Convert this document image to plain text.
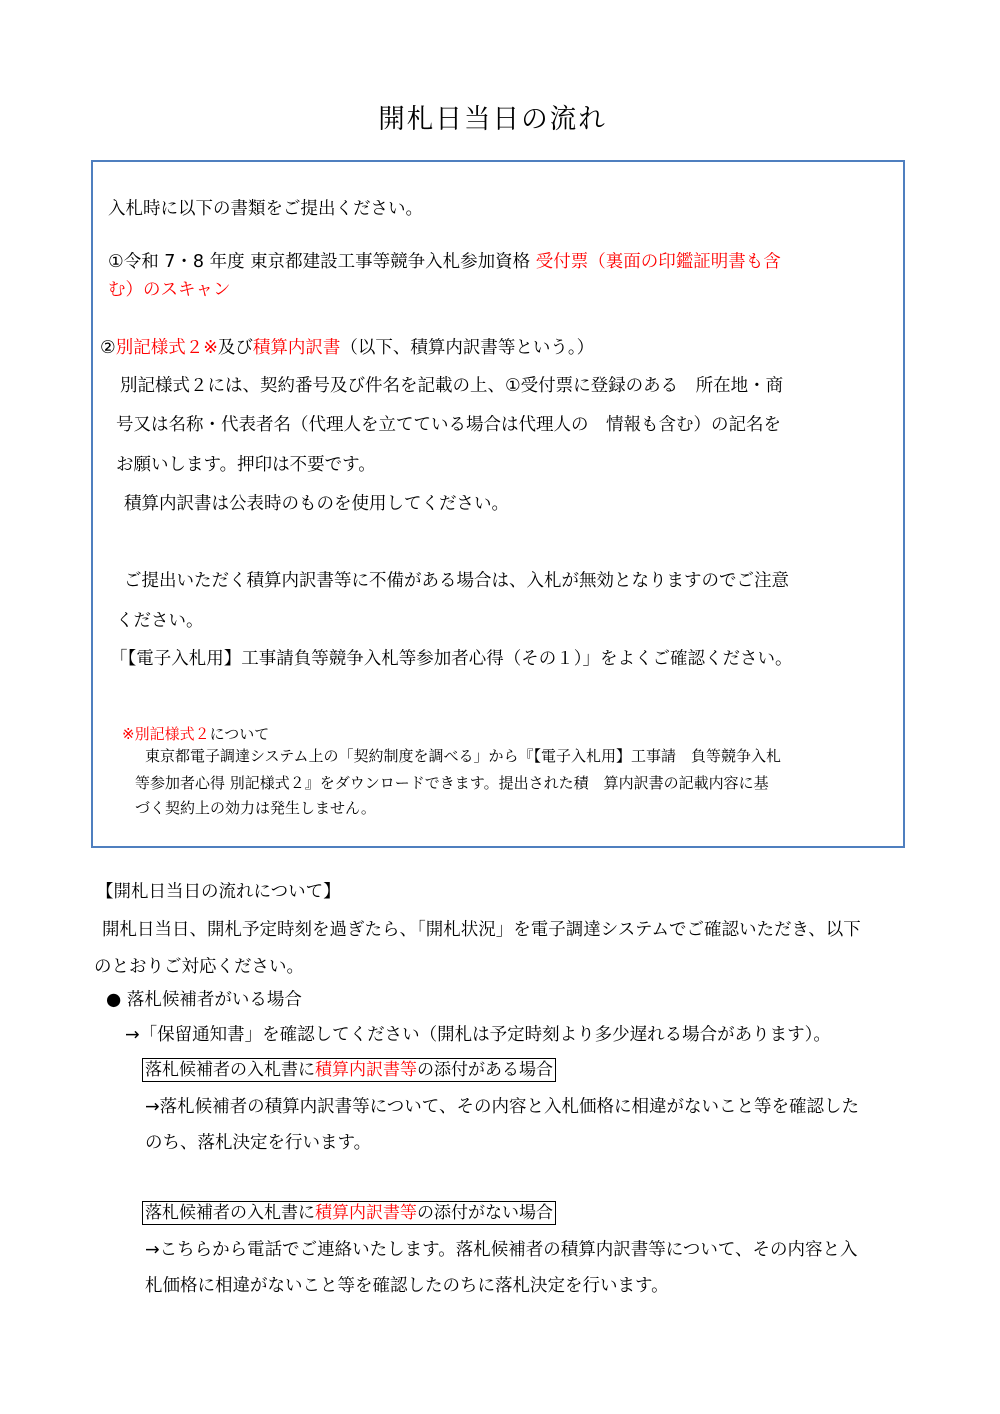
開札日当日の流れ
入札時に以下の書類をご提出ください。
①令和 7・8 年度 東京都建設工事等競争入札参加資格 受付票（裏面の印鑑証明書も含
む）のスキャン
②別記様式２※及び積算内訳書（以下、積算内訳書等という。）
別記様式２には、契約番号及び件名を記載の上、①受付票に登録のある　所在地・商
号又は名称・代表者名（代理人を立てている場合は代理人の　情報も含む）の記名を
お願いします。押印は不要です。
積算内訳書は公表時のものを使用してください。
ご提出いただく積算内訳書等に不備がある場合は、入札が無効となりますのでご注意
ください。
「【電子入札用】工事請負等競争入札等参加者心得（その１）」をよくご確認ください。
※別記様式２について
東京都電子調達システム上の「契約制度を調べる」から『【電子入札用】工事請　負等競争入札
等参加者心得 別記様式２』をダウンロードできます。提出された積　算内訳書の記載内容に基
づく契約上の効力は発生しません。
【開札日当日の流れについて】
開札日当日、開札予定時刻を過ぎたら、「開札状況」を電子調達システムでご確認いただき、以下
のとおりご対応ください。
● 落札候補者がいる場合
→「保留通知書」を確認してください（開札は予定時刻より多少遅れる場合があります）。
落札候補者の入札書に積算内訳書等の添付がある場合
→落札候補者の積算内訳書等について、その内容と入札価格に相違がないこと等を確認した
のち、落札決定を行います。
落札候補者の入札書に積算内訳書等の添付がない場合
→こちらから電話でご連絡いたします。落札候補者の積算内訳書等について、その内容と入
札価格に相違がないこと等を確認したのちに落札決定を行います。
